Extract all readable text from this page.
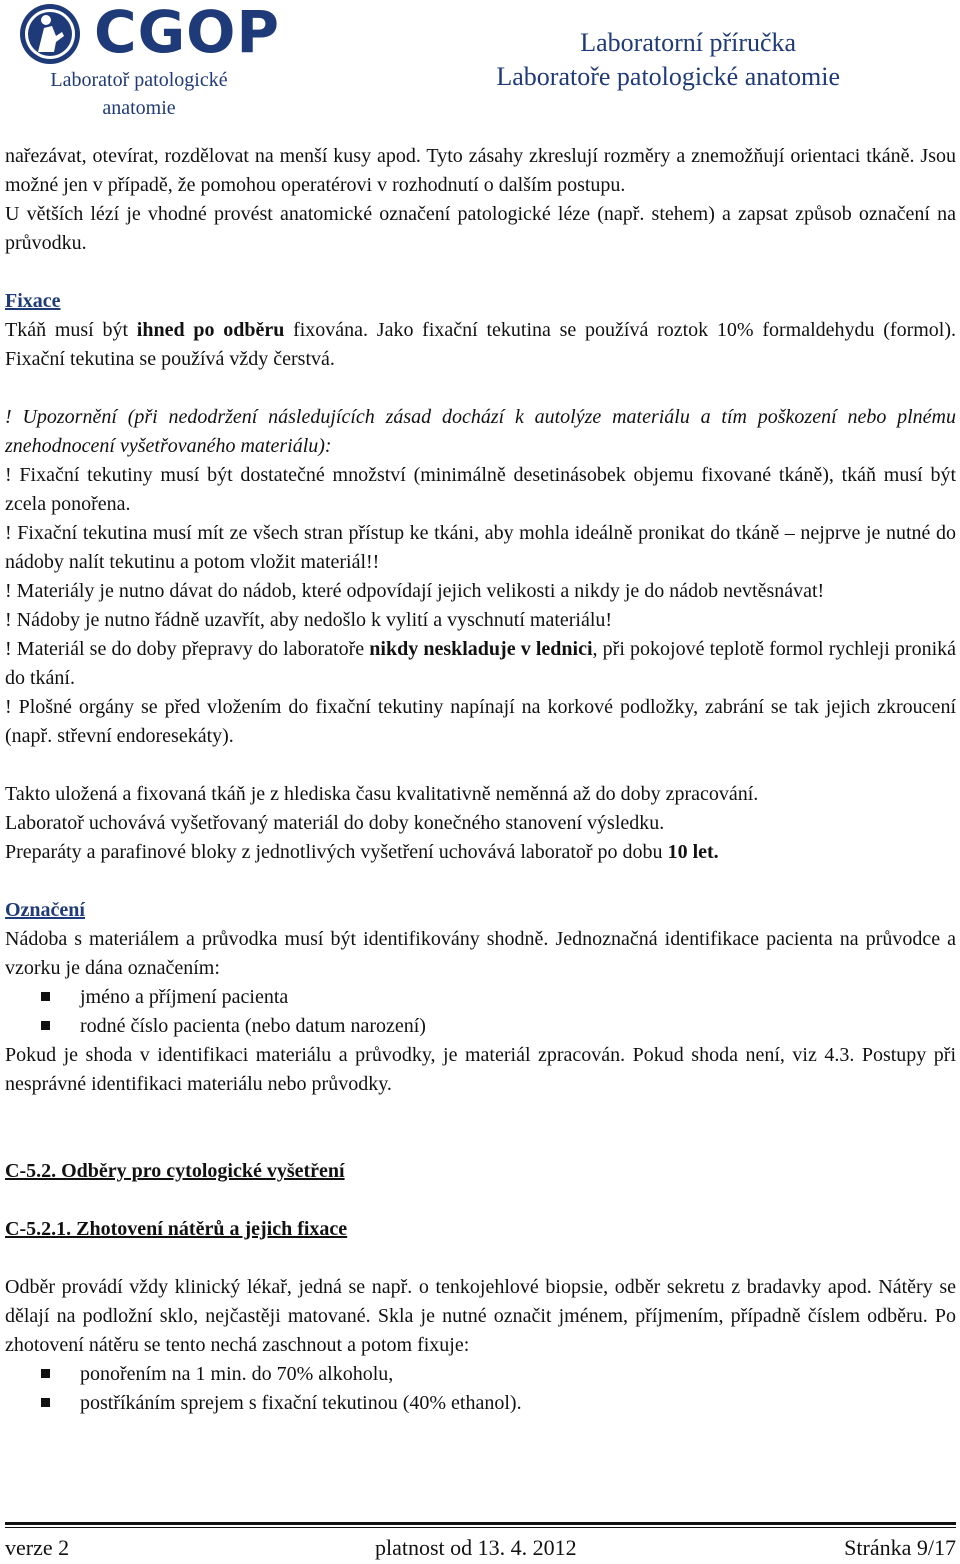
CGOP
Laboratoř patologické
anatomie
Laboratorní příručka
Laboratoře patologické anatomie

nařezávat, otevírat, rozdělovat na menší kusy apod. Tyto zásahy zkreslují rozměry a znemožňují orientaci tkáně. Jsou možné jen v případě, že pomohou operatérovi v rozhodnutí o dalším postupu.

U větších lézí je vhodné provést anatomické označení patologické léze (např. stehem) a zapsat způsob označení na průvodku.

Fixace

Tkáň musí být ihned po odběru fixována. Jako fixační tekutina se používá roztok 10% formaldehydu (formol). Fixační tekutina se používá vždy čerstvá.

! Upozornění (při nedodržení následujících zásad dochází k autolýze materiálu a tím poškození nebo plnému znehodnocení vyšetřovaného materiálu):

! Fixační tekutiny musí být dostatečné množství (minimálně desetinásobek objemu fixované tkáně), tkáň musí být zcela ponořena.

! Fixační tekutina musí mít ze všech stran přístup ke tkáni, aby mohla ideálně pronikat do tkáně – nejprve je nutné do nádoby nalít tekutinu a potom vložit materiál!!

! Materiály je nutno dávat do nádob, které odpovídají jejich velikosti a nikdy je do nádob nevtěsnávat!

! Nádoby je nutno řádně uzavřít, aby nedošlo k vylití a vyschnutí materiálu!

! Materiál se do doby přepravy do laboratoře nikdy neskladuje v lednici, při pokojové teplotě formol rychleji proniká do tkání.

! Plošné orgány se před vložením do fixační tekutiny napínají na korkové podložky, zabrání se tak jejich zkroucení (např. střevní endoresekáty).

Takto uložená a fixovaná tkáň je z hlediska času kvalitativně neměnná až do doby zpracování.

Laboratoř uchovává vyšetřovaný materiál do doby konečného stanovení výsledku.

Preparáty a parafinové bloky z jednotlivých vyšetření uchovává laboratoř po dobu 10 let.

Označení

Nádoba s materiálem a průvodka musí být identifikovány shodně. Jednoznačná identifikace pacienta na průvodce a vzorku je dána označením:

jméno a příjmení pacienta
rodné číslo pacienta (nebo datum narození)

Pokud je shoda v identifikaci materiálu a průvodky, je materiál zpracován. Pokud shoda není, viz 4.3. Postupy při nesprávné identifikaci materiálu nebo průvodky.

C-5.2. Odběry pro cytologické vyšetření

C-5.2.1. Zhotovení nátěrů a jejich fixace

Odběr provádí vždy klinický lékař, jedná se např. o tenkojehlové biopsie, odběr sekretu z bradavky apod. Nátěry se dělají na podložní sklo, nejčastěji matované. Skla je nutné označit jménem, příjmením, případně číslem odběru. Po zhotovení nátěru se tento nechá zaschnout a potom fixuje:

ponořením na 1 min. do 70% alkoholu,
postříkáním sprejem s fixační tekutinou (40% ethanol).
verze 2	platnost od 13. 4. 2012	Stránka 9/17
